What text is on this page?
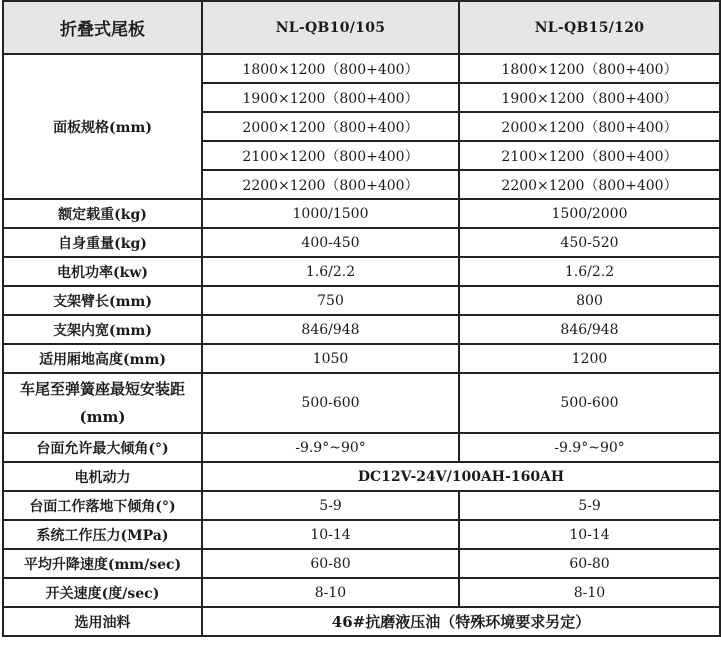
折叠式尾板	NL-QB10/105	NL-QB15/120
面板规格(mm)	1800×1200（800+400）	1800×1200（800+400）
	1900×1200（800+400）	1900×1200（800+400）
	2000×1200（800+400）	2000×1200（800+400）
	2100×1200（800+400）	2100×1200（800+400）
	2200×1200（800+400）	2200×1200（800+400）
额定载重(kg)	1000/1500	1500/2000
自身重量(kg)	400-450	450-520
电机功率(kw)	1.6/2.2	1.6/2.2
支架臂长(mm)	750	800
支架内宽(mm)	846/948	846/948
适用厢地高度(mm)	1050	1200
车尾至弹簧座最短安装距(mm)	500-600	500-600
台面允许最大倾角(°)	-9.9°~90°	-9.9°~90°
电机动力	DC12V-24V/100AH-160AH	
台面工作落地下倾角(°)	5-9	5-9
系统工作压力(MPa)	10-14	10-14
平均升降速度(mm/sec)	60-80	60-80
开关速度(度/sec)	8-10	8-10
选用油料	46#抗磨液压油（特殊环境要求另定）	
